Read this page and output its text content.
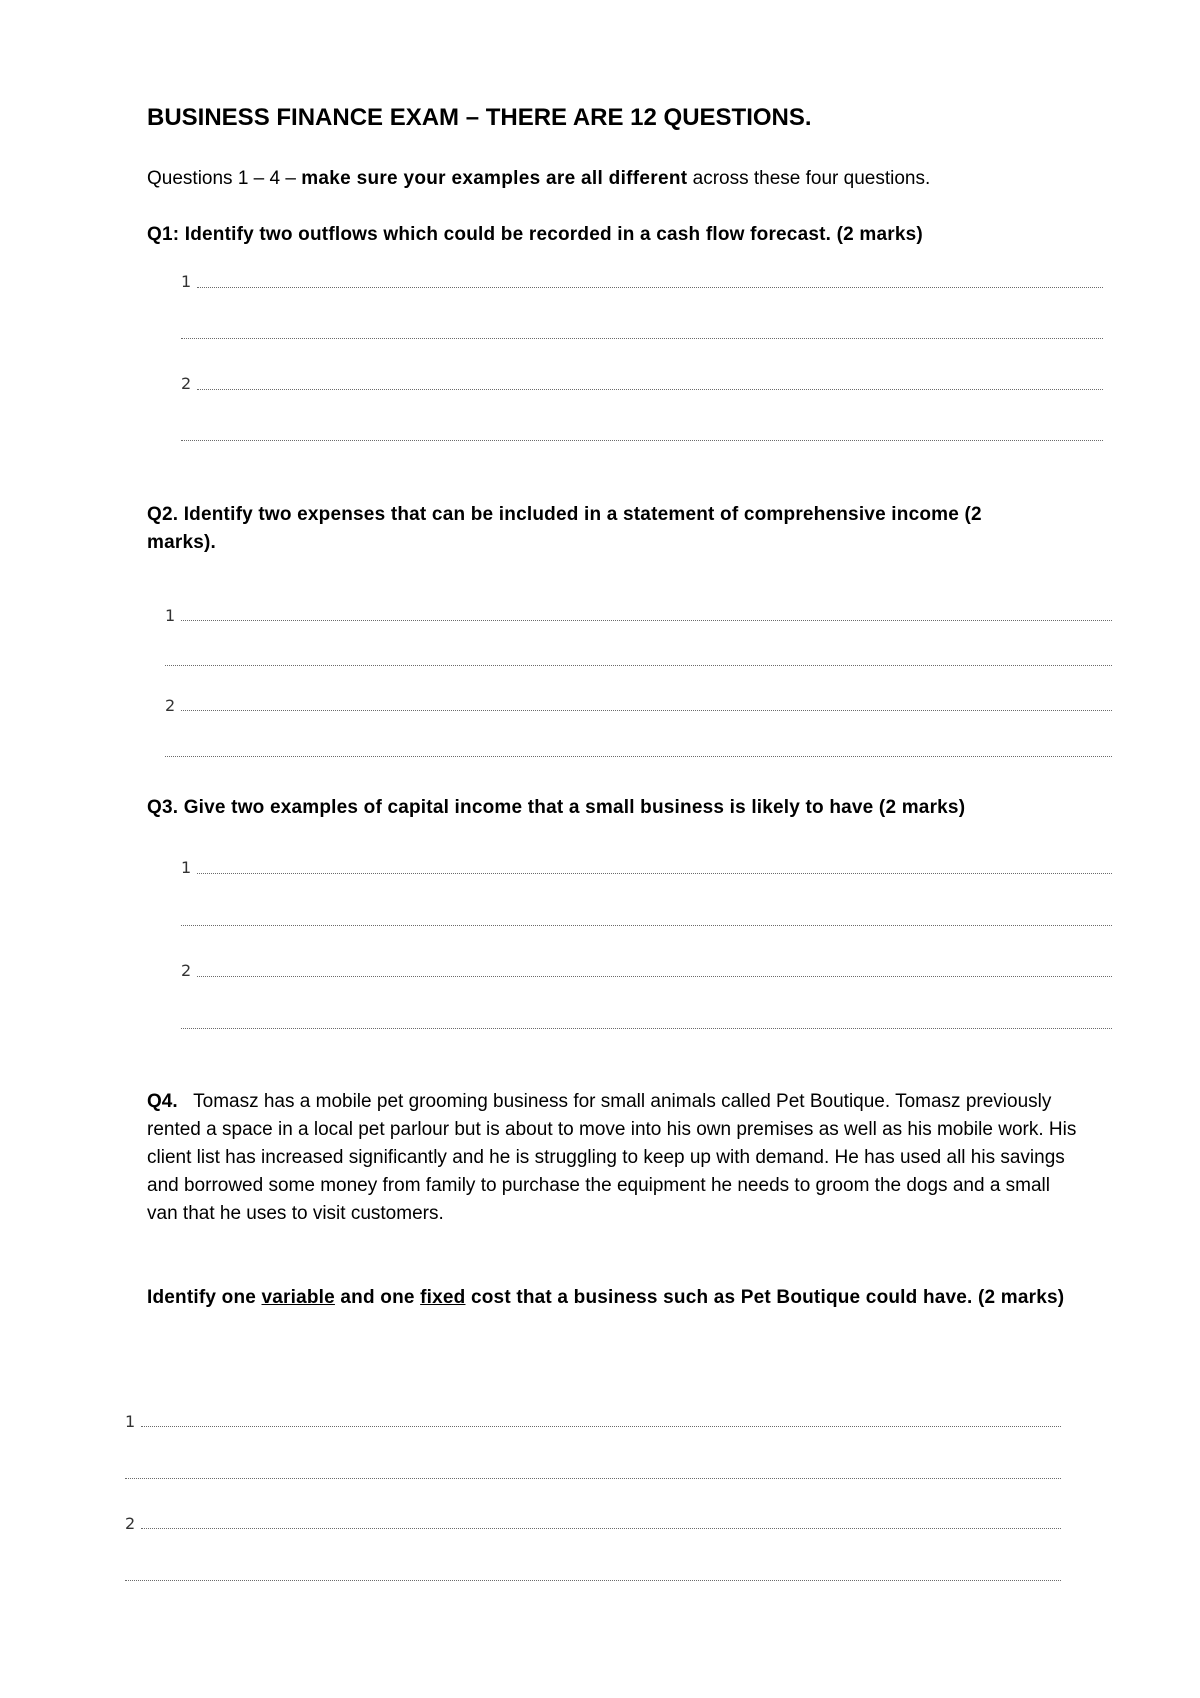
BUSINESS FINANCE EXAM – THERE ARE 12 QUESTIONS.
Questions 1 – 4 – make sure your examples are all different across these four questions.
Q1: Identify two outflows which could be recorded in a cash flow forecast. (2 marks)
1
2
Q2. Identify two expenses that can be included in a statement of comprehensive income (2 marks).
1
2
Q3. Give two examples of capital income that a small business is likely to have (2 marks)
1
2
Q4. Tomasz has a mobile pet grooming business for small animals called Pet Boutique. Tomasz previously rented a space in a local pet parlour but is about to move into his own premises as well as his mobile work. His client list has increased significantly and he is struggling to keep up with demand. He has used all his savings and borrowed some money from family to purchase the equipment he needs to groom the dogs and a small van that he uses to visit customers.
Identify one variable and one fixed cost that a business such as Pet Boutique could have. (2 marks)
1
2
